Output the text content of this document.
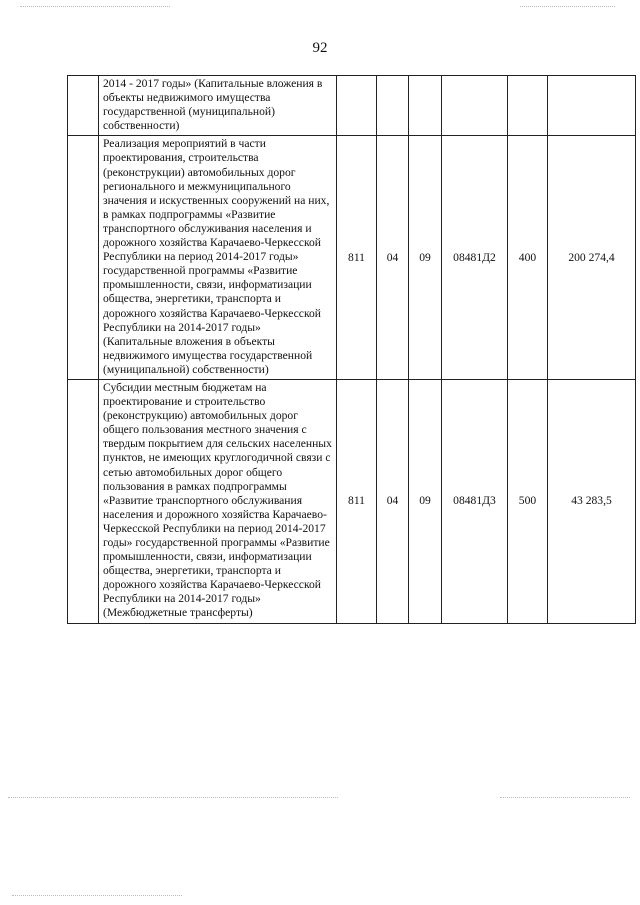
92
	2014 - 2017 годы» (Капитальные вложения в объекты недвижимого имущества государственной (муниципальной) собственности)						
	Реализация мероприятий в части проектирования, строительства (реконструкции) автомобильных дорог регионального и межмуниципального значения и искуственных сооружений на них, в рамках подпрограммы «Развитие транспортного обслуживания населения и дорожного хозяйства Карачаево-Черкесской Республики на период 2014-2017 годы» государственной программы «Развитие промышленности, связи, информатизации общества, энергетики, транспорта и дорожного хозяйства Карачаево-Черкесской Республики на 2014-2017 годы» (Капитальные вложения в объекты недвижимого имущества государственной (муниципальной) собственности)	811	04	09	08481Д2	400	200 274,4
	Субсидии местным бюджетам на проектирование и строительство (реконструкцию) автомобильных дорог общего пользования местного значения с твердым покрытием для сельских населенных пунктов, не имеющих круглогодичной связи с сетью автомобильных дорог общего пользования в рамках подпрограммы «Развитие транспортного обслуживания населения и дорожного хозяйства Карачаево-Черкесской Республики на период 2014-2017 годы» государственной программы «Развитие промышленности, связи, информатизации общества, энергетики, транспорта и дорожного хозяйства Карачаево-Черкесской Республики на 2014-2017 годы» (Межбюджетные трансферты)	811	04	09	08481Д3	500	43 283,5
